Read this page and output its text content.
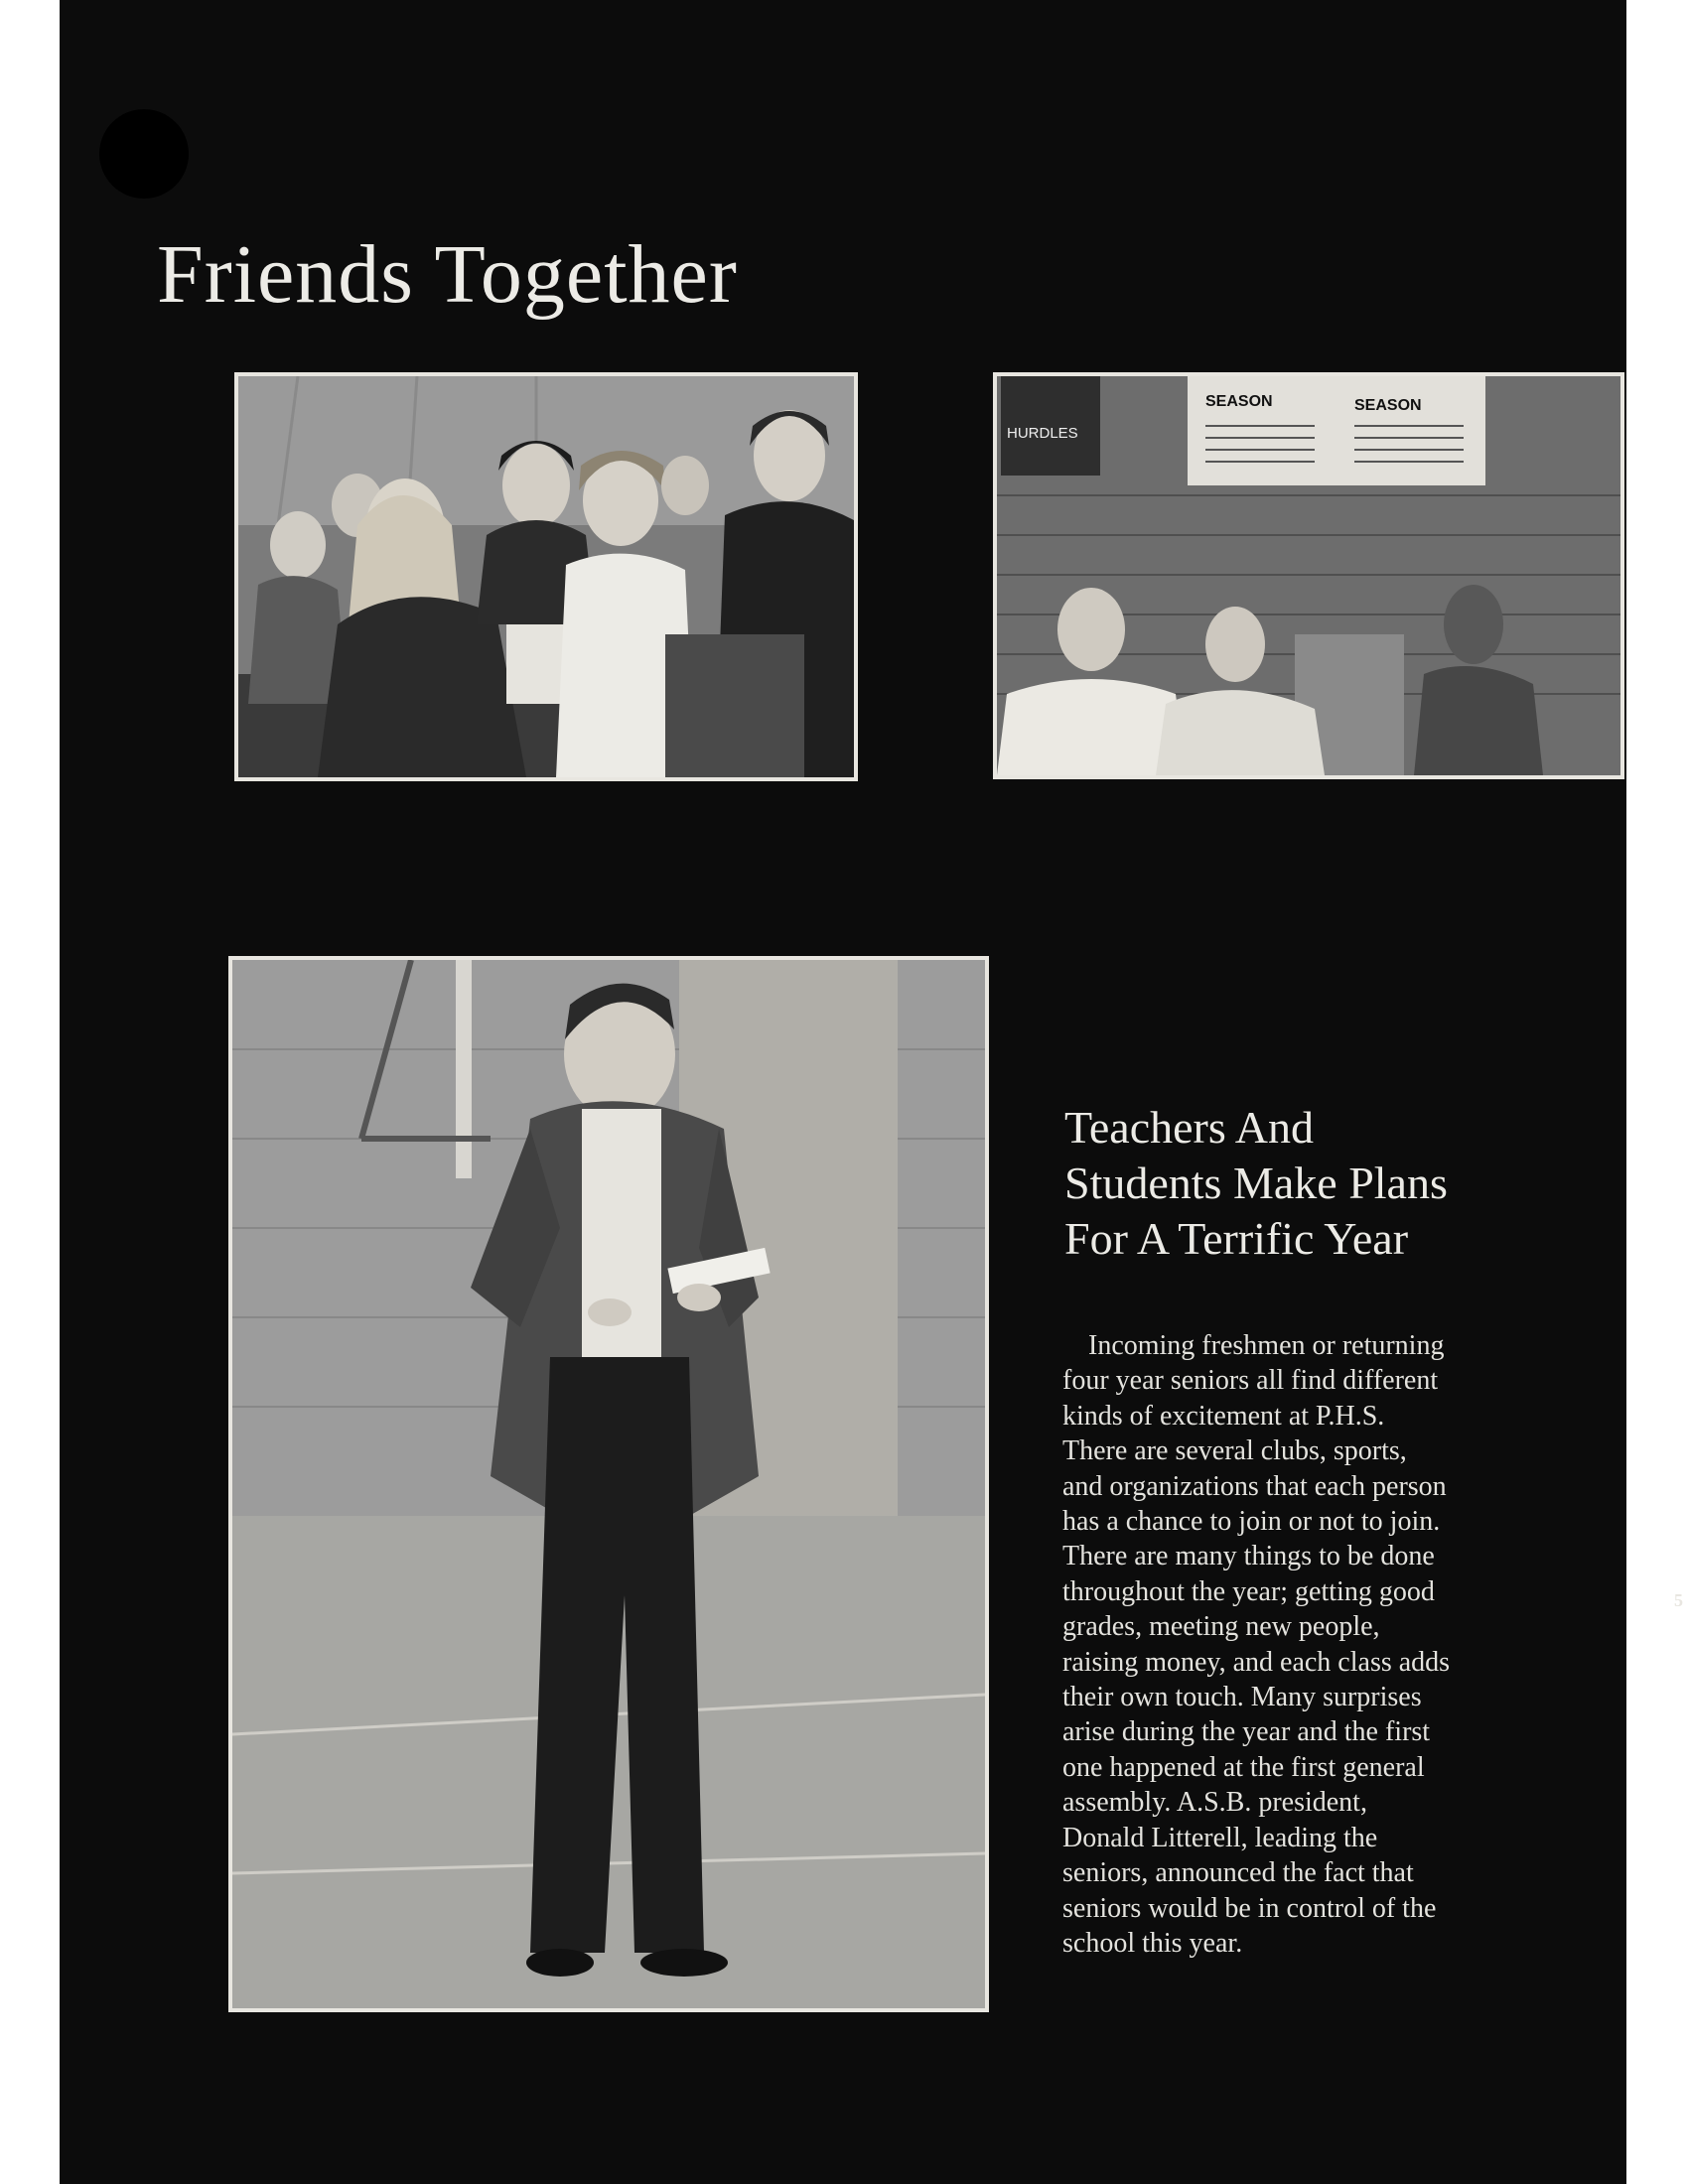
Friends Together
HURDLES
SEASON	SEASON
Teachers And
Students Make Plans
For A Terrific Year

Incoming freshmen or returning
four year seniors all find different
kinds of excitement at P.H.S.
There are several clubs, sports,
and organizations that each person
has a chance to join or not to join.
There are many things to be done
throughout the year; getting good
grades, meeting new people,
raising money, and each class adds
their own touch. Many surprises
arise during the year and the first
one happened at the first general
assembly. A.S.B. president,
Donald Litterell, leading the
seniors, announced the fact that
seniors would be in control of the
school this year.

5
